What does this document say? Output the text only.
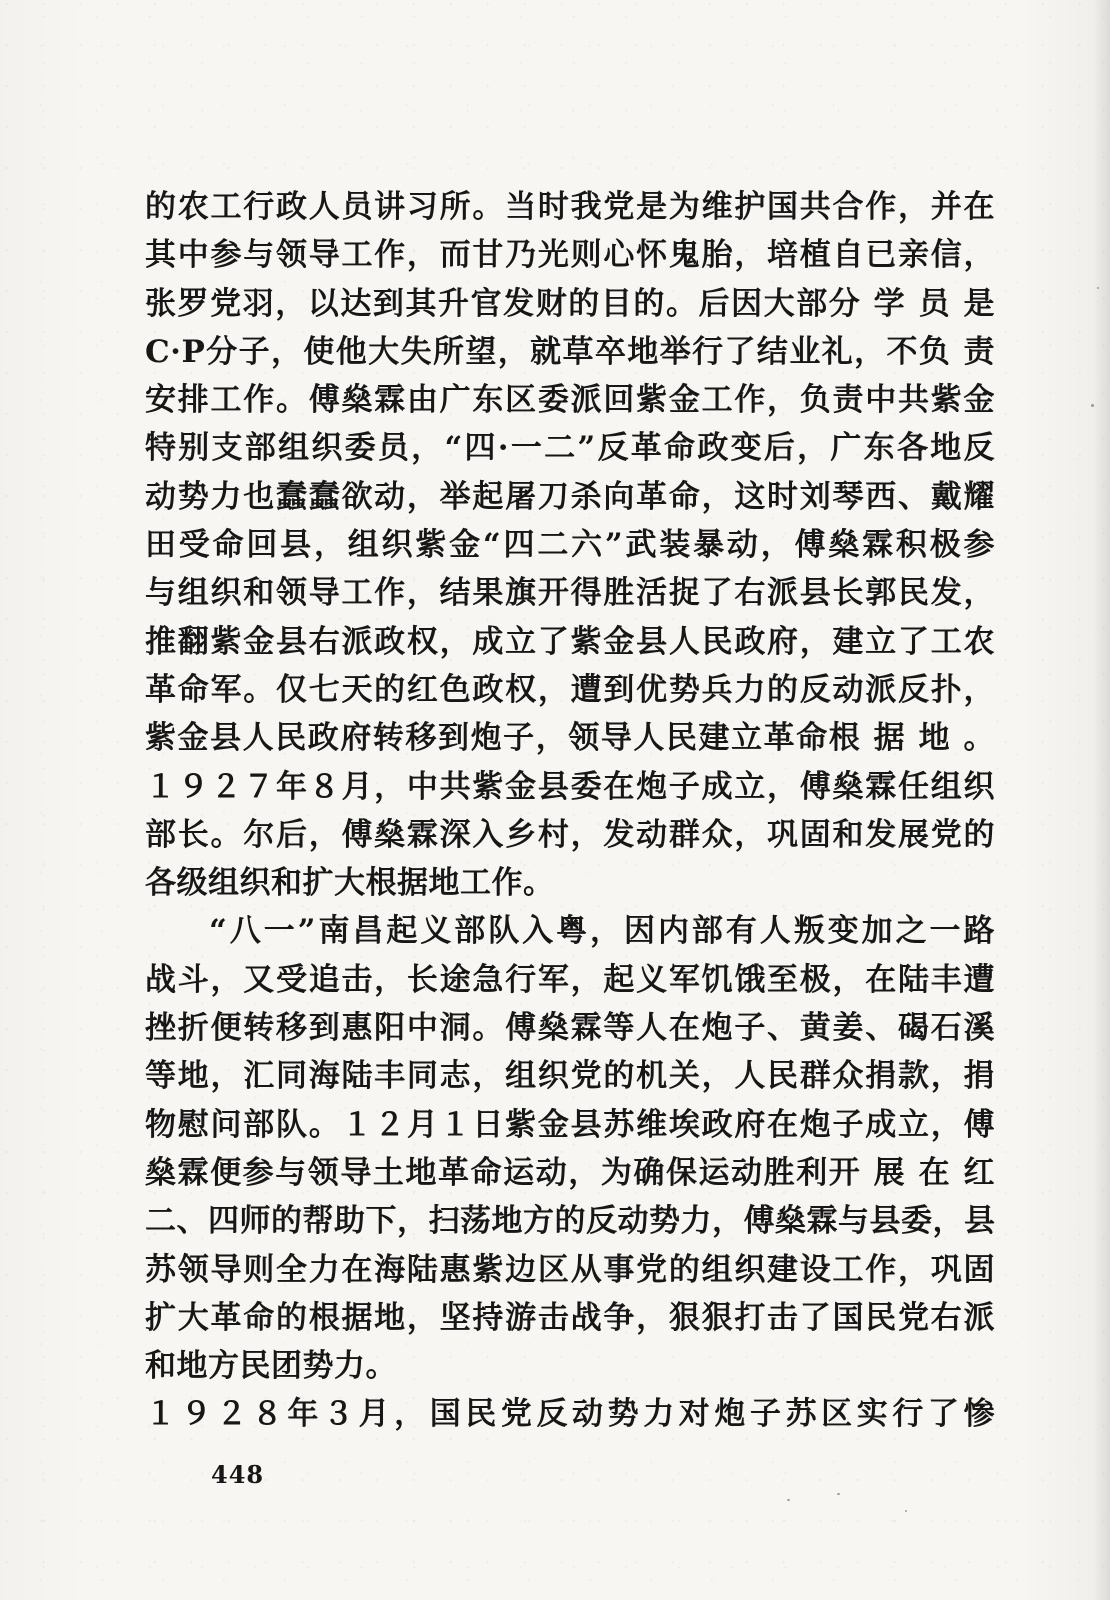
的农工行政人员讲习所。当时我党是为维护国共合作，并在
其中参与领导工作，而甘乃光则心怀鬼胎，培植自已亲信，
张罗党羽，以达到其升官发财的目的。后因大部分 学 员 是
C·P分子，使他大失所望，就草卒地举行了结业礼，不负 责
安排工作。傅燊霖由广东区委派回紫金工作，负责中共紫金
特别支部组织委员，“四·一二”反革命政变后，广东各地反
动势力也蠢蠢欲动，举起屠刀杀向革命，这时刘琴西、戴耀
田受命回县，组织紫金“四二六”武装暴动，傅燊霖积极参
与组织和领导工作，结果旗开得胜活捉了右派县长郭民发，
推翻紫金县右派政权，成立了紫金县人民政府，建立了工农
革命军。仅七天的红色政权，遭到优势兵力的反动派反扑，
紫金县人民政府转移到炮子，领导人民建立革命根 据 地 。
１９２７年８月，中共紫金县委在炮子成立，傅燊霖任组织
部长。尔后，傅燊霖深入乡村，发动群众，巩固和发展党的
各级组织和扩大根据地工作。
“八一”南昌起义部队入粤，因内部有人叛变加之一路
战斗，又受追击，长途急行军，起义军饥饿至极，在陆丰遭
挫折便转移到惠阳中洞。傅燊霖等人在炮子、黄姜、碣石溪
等地，汇同海陆丰同志，组织党的机关，人民群众捐款，捐
物慰问部队。１２月１日紫金县苏维埃政府在炮子成立，傅
燊霖便参与领导土地革命运动，为确保运动胜利开 展 在 红
二、四师的帮助下，扫荡地方的反动势力，傅燊霖与县委，县
苏领导则全力在海陆惠紫边区从事党的组织建设工作，巩固
扩大革命的根据地，坚持游击战争，狠狠打击了国民党右派
和地方民团势力。
１９２８年３月，国民党反动势力对炮子苏区实行了惨
448
